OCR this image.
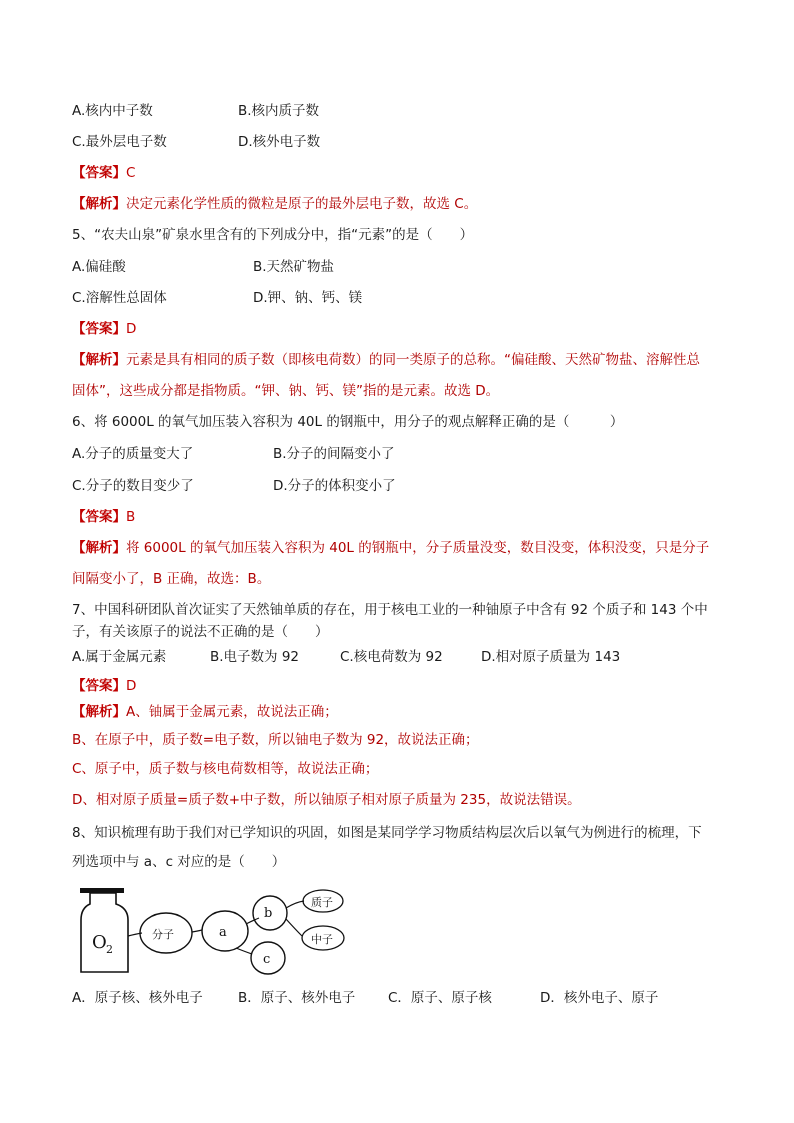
A.核内中子数	B.核内质子数
C.最外层电子数	D.核外电子数
【答案】C
【解析】决定元素化学性质的微粒是原子的最外层电子数，故选 C。
5、“农夫山泉”矿泉水里含有的下列成分中，指“元素”的是（　　）
A.偏硅酸	B.天然矿物盐
C.溶解性总固体	D.钾、钠、钙、镁
【答案】D
【解析】元素是具有相同的质子数（即核电荷数）的同一类原子的总称。“偏硅酸、天然矿物盐、溶解性总
固体”，这些成分都是指物质。“钾、钠、钙、镁”指的是元素。故选 D。
6、将 6000L 的氧气加压装入容积为 40L 的钢瓶中，用分子的观点解释正确的是（　　　）
A.分子的质量变大了	B.分子的间隔变小了
C.分子的数目变少了	D.分子的体积变小了
【答案】B
【解析】将 6000L 的氧气加压装入容积为 40L 的钢瓶中，分子质量没变，数目没变，体积没变，只是分子
间隔变小了，B 正确，故选：B。
7、中国科研团队首次证实了天然铀单质的存在，用于核电工业的一种铀原子中含有 92 个质子和 143 个中
子，有关该原子的说法不正确的是（　　）
A.属于金属元素	B.电子数为 92	C.核电荷数为 92	D.相对原子质量为 143
【答案】D
【解析】A、铀属于金属元素，故说法正确；
B、在原子中，质子数=电子数，所以铀电子数为 92，故说法正确；
C、原子中，质子数与核电荷数相等，故说法正确；
D、相对原子质量=质子数+中子数，所以铀原子相对原子质量为 235，故说法错误。
8、知识梳理有助于我们对已学知识的巩固，如图是某同学学习物质结构层次后以氧气为例进行的梳理，下
列选项中与 a、c 对应的是（　　）
O 2
分子	a
b
c
质子
中子
A．原子核、核外电子	B．原子、核外电子 C．原子、原子核	D．核外电子、原子
